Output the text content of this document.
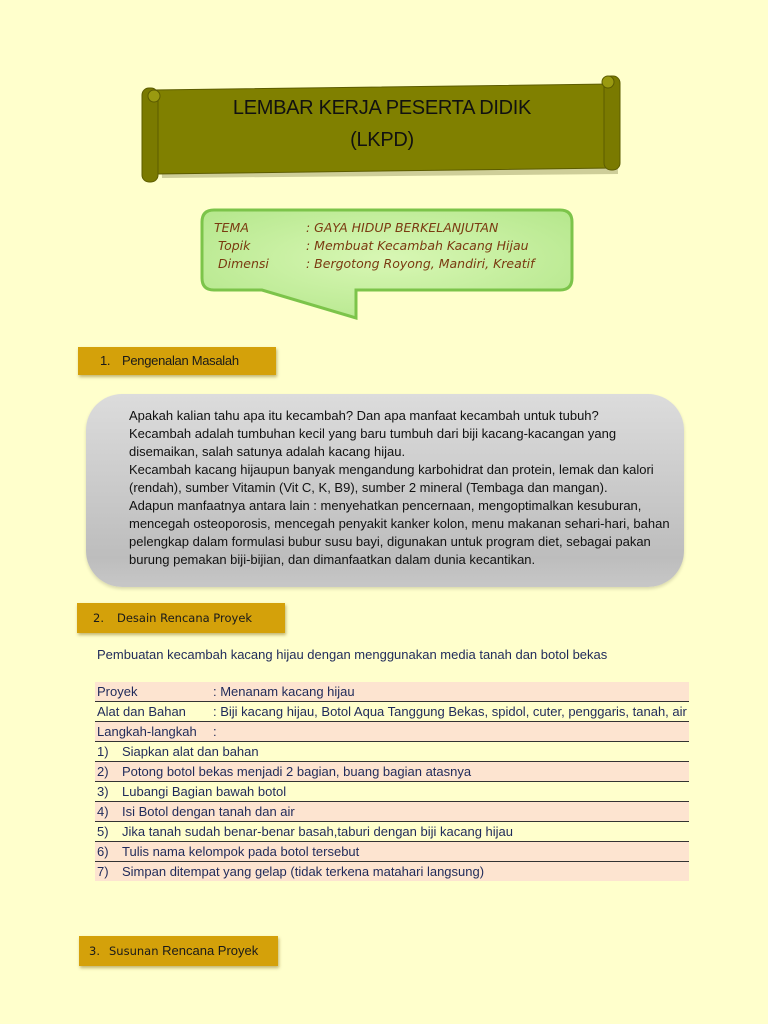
LEMBAR KERJA PESERTA DIDIK
(LKPD)
TEMA	: GAYA HIDUP BERKELANJUTAN
Topik	: Membuat Kecambah Kacang Hijau
Dimensi	: Bergotong Royong, Mandiri, Kreatif
1. Pengenalan Masalah
Apakah kalian tahu apa itu kecambah? Dan apa manfaat kecambah untuk tubuh?
Kecambah adalah tumbuhan kecil yang baru tumbuh dari biji kacang-kacangan yang
disemaikan, salah satunya adalah kacang hijau.
Kecambah kacang hijaupun banyak mengandung karbohidrat dan protein, lemak dan kalori
(rendah), sumber Vitamin (Vit C, K, B9), sumber 2 mineral (Tembaga dan mangan).
Adapun manfaatnya antara lain : menyehatkan pencernaan, mengoptimalkan kesuburan,
mencegah osteoporosis, mencegah penyakit kanker kolon, menu makanan sehari-hari, bahan
pelengkap dalam formulasi bubur susu bayi, digunakan untuk program diet, sebagai pakan
burung pemakan biji-bijian, dan dimanfaatkan dalam dunia kecantikan.
2. Desain Rencana Proyek
Pembuatan kecambah kacang hijau dengan menggunakan media tanah dan botol bekas
Proyek	: Menanam kacang hijau
Alat dan Bahan : Biji kacang hijau, Botol Aqua Tanggung Bekas, spidol, cuter, penggaris, tanah, air
Langkah-langkah :
1) Siapkan alat dan bahan
2) Potong botol bekas menjadi 2 bagian, buang bagian atasnya
3) Lubangi Bagian bawah botol
4) Isi Botol dengan tanah dan air
5) Jika tanah sudah benar-benar basah,taburi dengan biji kacang hijau
6) Tulis nama kelompok pada botol tersebut
7) Simpan ditempat yang gelap (tidak terkena matahari langsung)
3. Susunan Rencana Proyek
